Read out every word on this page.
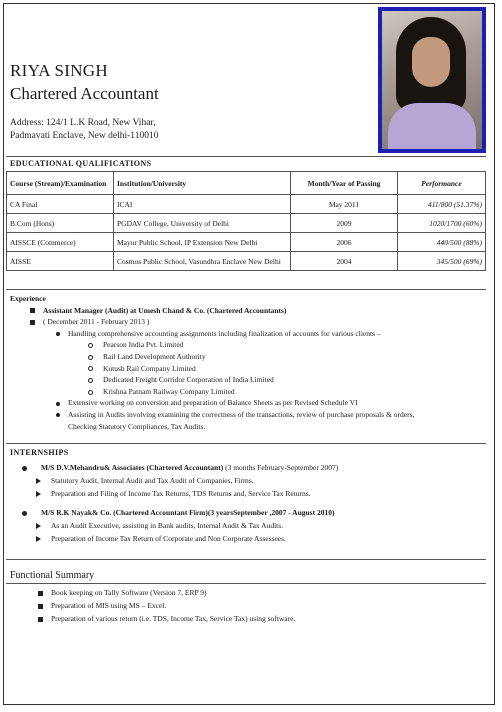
RIYA SINGH
Chartered Accountant
Address: 124/1 L.K Road, New Vihar,
Padmavati Enclave, New delhi-110010
EDUCATIONAL QUALIFICATIONS
Course (Stream)/Examination	Institution/University	Month/Year of Passing	Performance
CA Final	ICAI	May 2011	411/800 (51.37%)
B.Com (Hons)	PGDAV College, University of Delhi	2009	1020/1700 (60%)
AISSCE (Commerce)	Mayur Public School, IP Extension New Delhi	2006	440/500 (88%)
AISSE	Cosmos Public School, Vasundhra Enclave New Delhi	2004	345/500 (69%)
Experience
Assistant Manager (Audit) at Umesh Chand & Co. (Chartered Accountants)
( December 2011 - February 2013 )
Handling comprehensive accounting assignments including finalization of accounts for various clients –
Pearson India Pvt. Limited
Rail Land Development Authority
Kutush Rail Company Limited
Dedicated Freight Corridor Corporation of India Limited
Krishna Patnam Railway Company Limited
Extensive working on conversion and preparation of Balance Sheets as per Revised Schedule VI
Assisting in Audits involving examining the correctness of the transactions, review of purchase proposals & orders,
Checking Statutory Compliances, Tax Audits.
INTERNSHIPS
M/S D.V.Mehandru& Associates (Chartered Accountant) (3 months February-September 2007)
Statutory Audit, Internal Audit and Tax Audit of Companies, Firms.
Preparation and Filing of Income Tax Returns, TDS Returns and, Service Tax Returns.
M/S R.K Nayak& Co. (Chartered Accountant Firm)(3 yearsSeptember ,2007 - August 2010)
As an Audit Executive, assisting in Bank audits, Internal Audit & Tax Audits.
Preparation of Income Tax Return of Corporate and Non Corporate Assessees.
Functional Summary
Book keeping on Tally Software (Version 7, ERP 9)
Preparation of MIS using MS – Excel.
Preparation of various return (i.e. TDS, Income Tax, Service Tax) using software.
